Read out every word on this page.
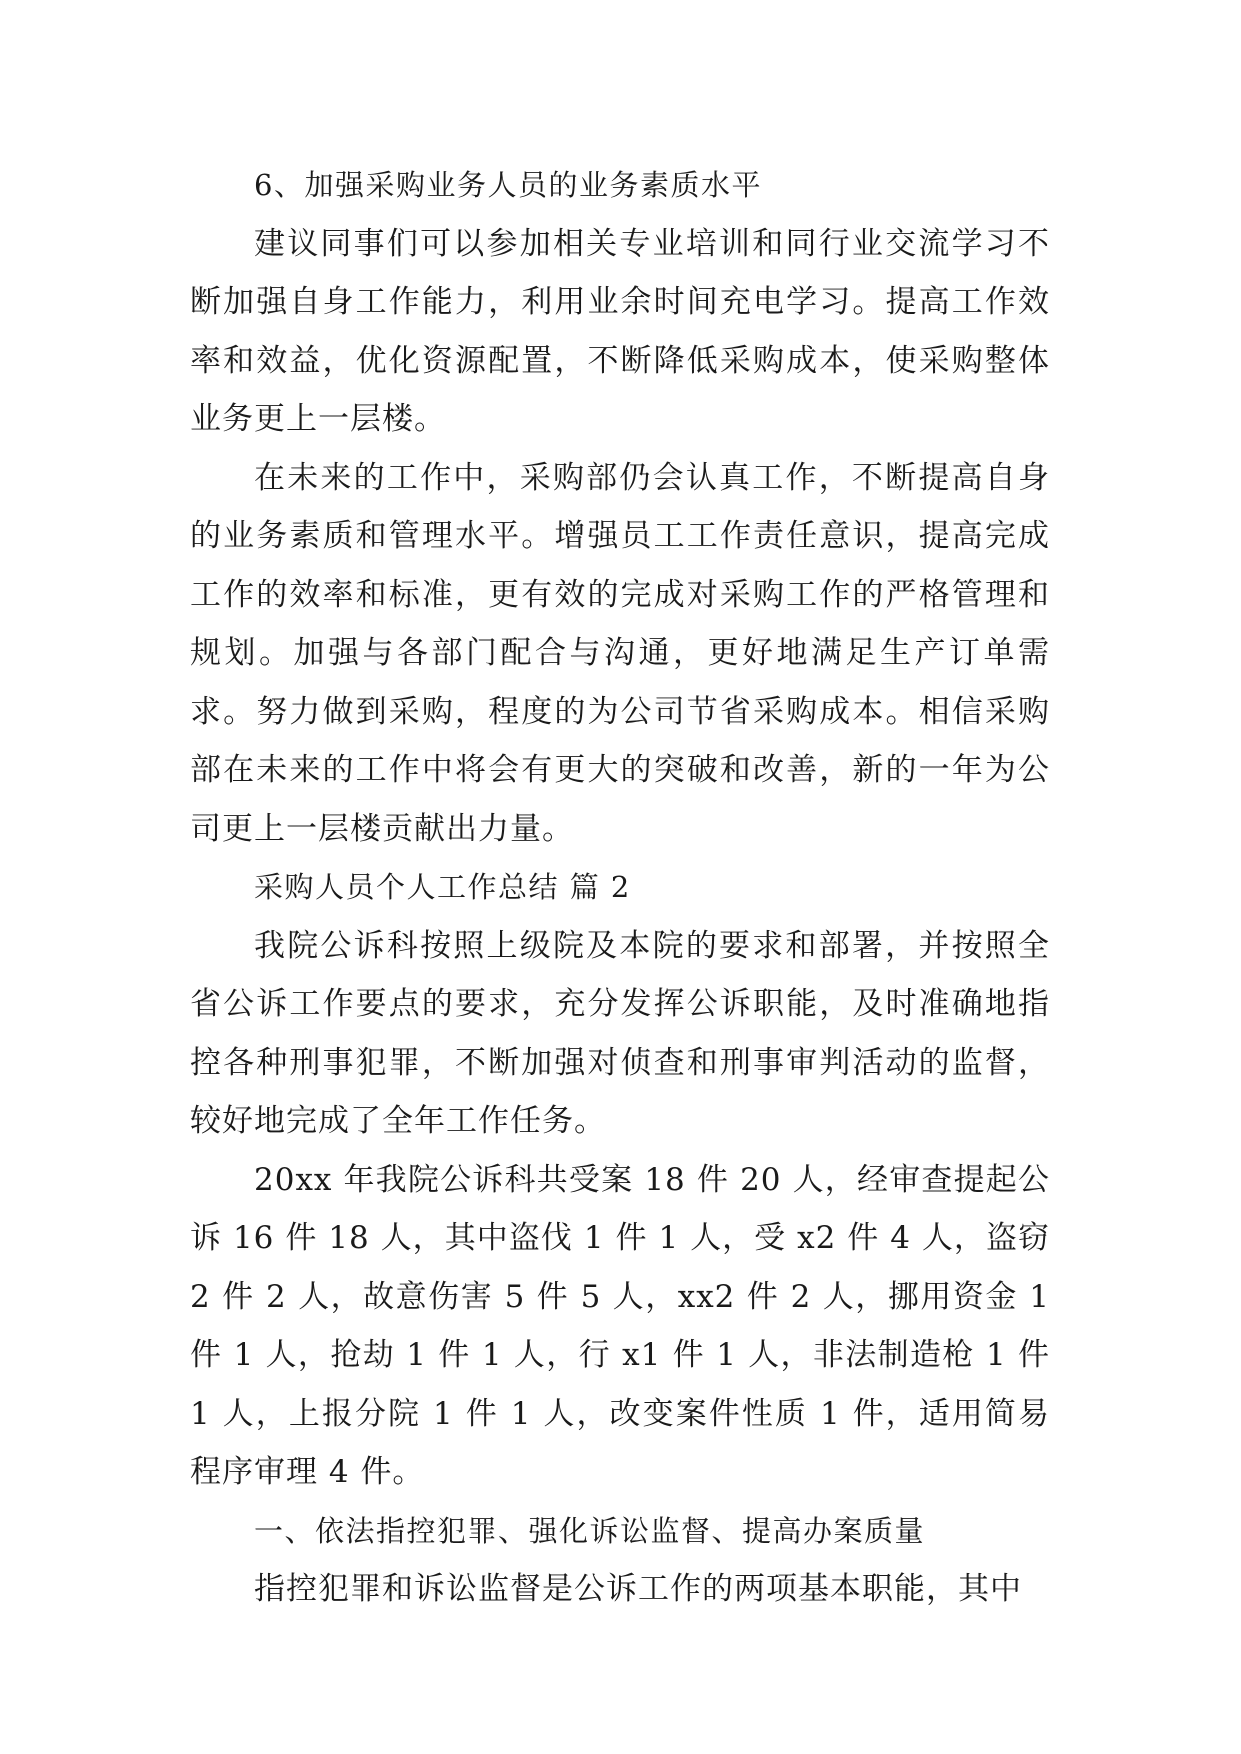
6、加强采购业务人员的业务素质水平

建议同事们可以参加相关专业培训和同行业交流学习不断加强自身工作能力，利用业余时间充电学习。提高工作效率和效益，优化资源配置，不断降低采购成本，使采购整体业务更上一层楼。

在未来的工作中，采购部仍会认真工作，不断提高自身的业务素质和管理水平。增强员工工作责任意识，提高完成工作的效率和标准，更有效的完成对采购工作的严格管理和规划。加强与各部门配合与沟通，更好地满足生产订单需求。努力做到采购，程度的为公司节省采购成本。相信采购部在未来的工作中将会有更大的突破和改善，新的一年为公司更上一层楼贡献出力量。

采购人员个人工作总结 篇 2

我院公诉科按照上级院及本院的要求和部署，并按照全省公诉工作要点的要求，充分发挥公诉职能，及时准确地指控各种刑事犯罪，不断加强对侦查和刑事审判活动的监督，较好地完成了全年工作任务。

20xx 年我院公诉科共受案 18 件 20 人，经审查提起公诉 16 件 18 人，其中盗伐 1 件 1 人，受 x2 件 4 人，盗窃 2 件 2 人，故意伤害 5 件 5 人，xx2 件 2 人，挪用资金 1 件 1 人，抢劫 1 件 1 人，行 x1 件 1 人，非法制造枪 1 件 1 人，上报分院 1 件 1 人，改变案件性质 1 件，适用简易程序审理 4 件。

一、依法指控犯罪、强化诉讼监督、提高办案质量

指控犯罪和诉讼监督是公诉工作的两项基本职能，其中
